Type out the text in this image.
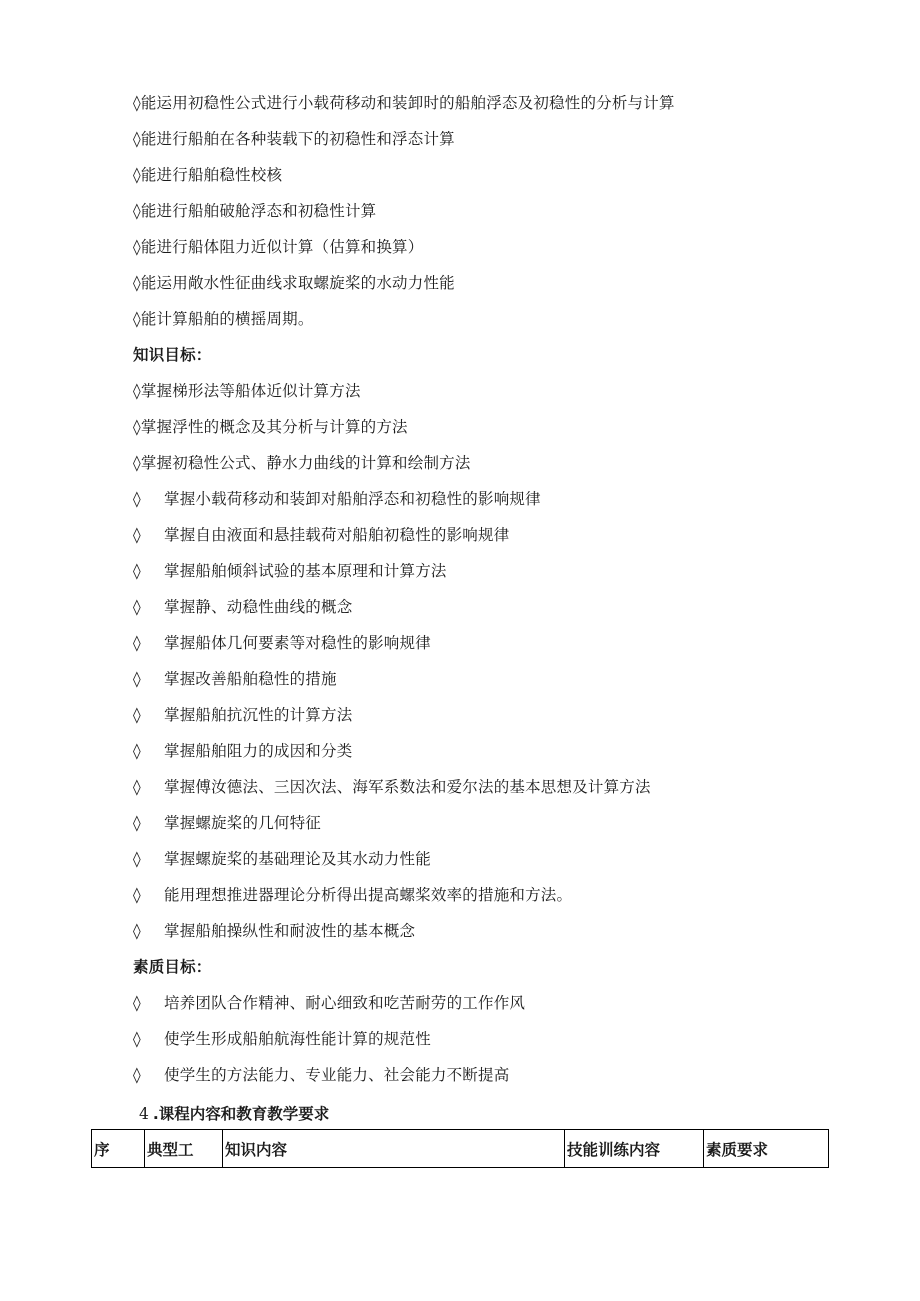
◊能运用初稳性公式进行小载荷移动和装卸时的船舶浮态及初稳性的分析与计算
◊能进行船舶在各种装载下的初稳性和浮态计算
◊能进行船舶稳性校核
◊能进行船舶破舱浮态和初稳性计算
◊能进行船体阻力近似计算（估算和换算）
◊能运用敞水性征曲线求取螺旋桨的水动力性能
◊能计算船舶的横摇周期。
知识目标：
◊掌握梯形法等船体近似计算方法
◊掌握浮性的概念及其分析与计算的方法
◊掌握初稳性公式、静水力曲线的计算和绘制方法
◊ 掌握小载荷移动和装卸对船舶浮态和初稳性的影响规律
◊ 掌握自由液面和悬挂载荷对船舶初稳性的影响规律
◊ 掌握船舶倾斜试验的基本原理和计算方法
◊ 掌握静、动稳性曲线的概念
◊ 掌握船体几何要素等对稳性的影响规律
◊ 掌握改善船舶稳性的措施
◊ 掌握船舶抗沉性的计算方法
◊ 掌握船舶阻力的成因和分类
◊ 掌握傅汝德法、三因次法、海军系数法和爱尔法的基本思想及计算方法
◊ 掌握螺旋桨的几何特征
◊ 掌握螺旋桨的基础理论及其水动力性能
◊ 能用理想推进器理论分析得出提高螺桨效率的措施和方法。
◊ 掌握船舶操纵性和耐波性的基本概念
素质目标：
◊ 培养团队合作精神、耐心细致和吃苦耐劳的工作作风
◊ 使学生形成船舶航海性能计算的规范性
◊ 使学生的方法能力、专业能力、社会能力不断提高
4 .课程内容和教育教学要求
序	典型工	知识内容	技能训练内容	素质要求
